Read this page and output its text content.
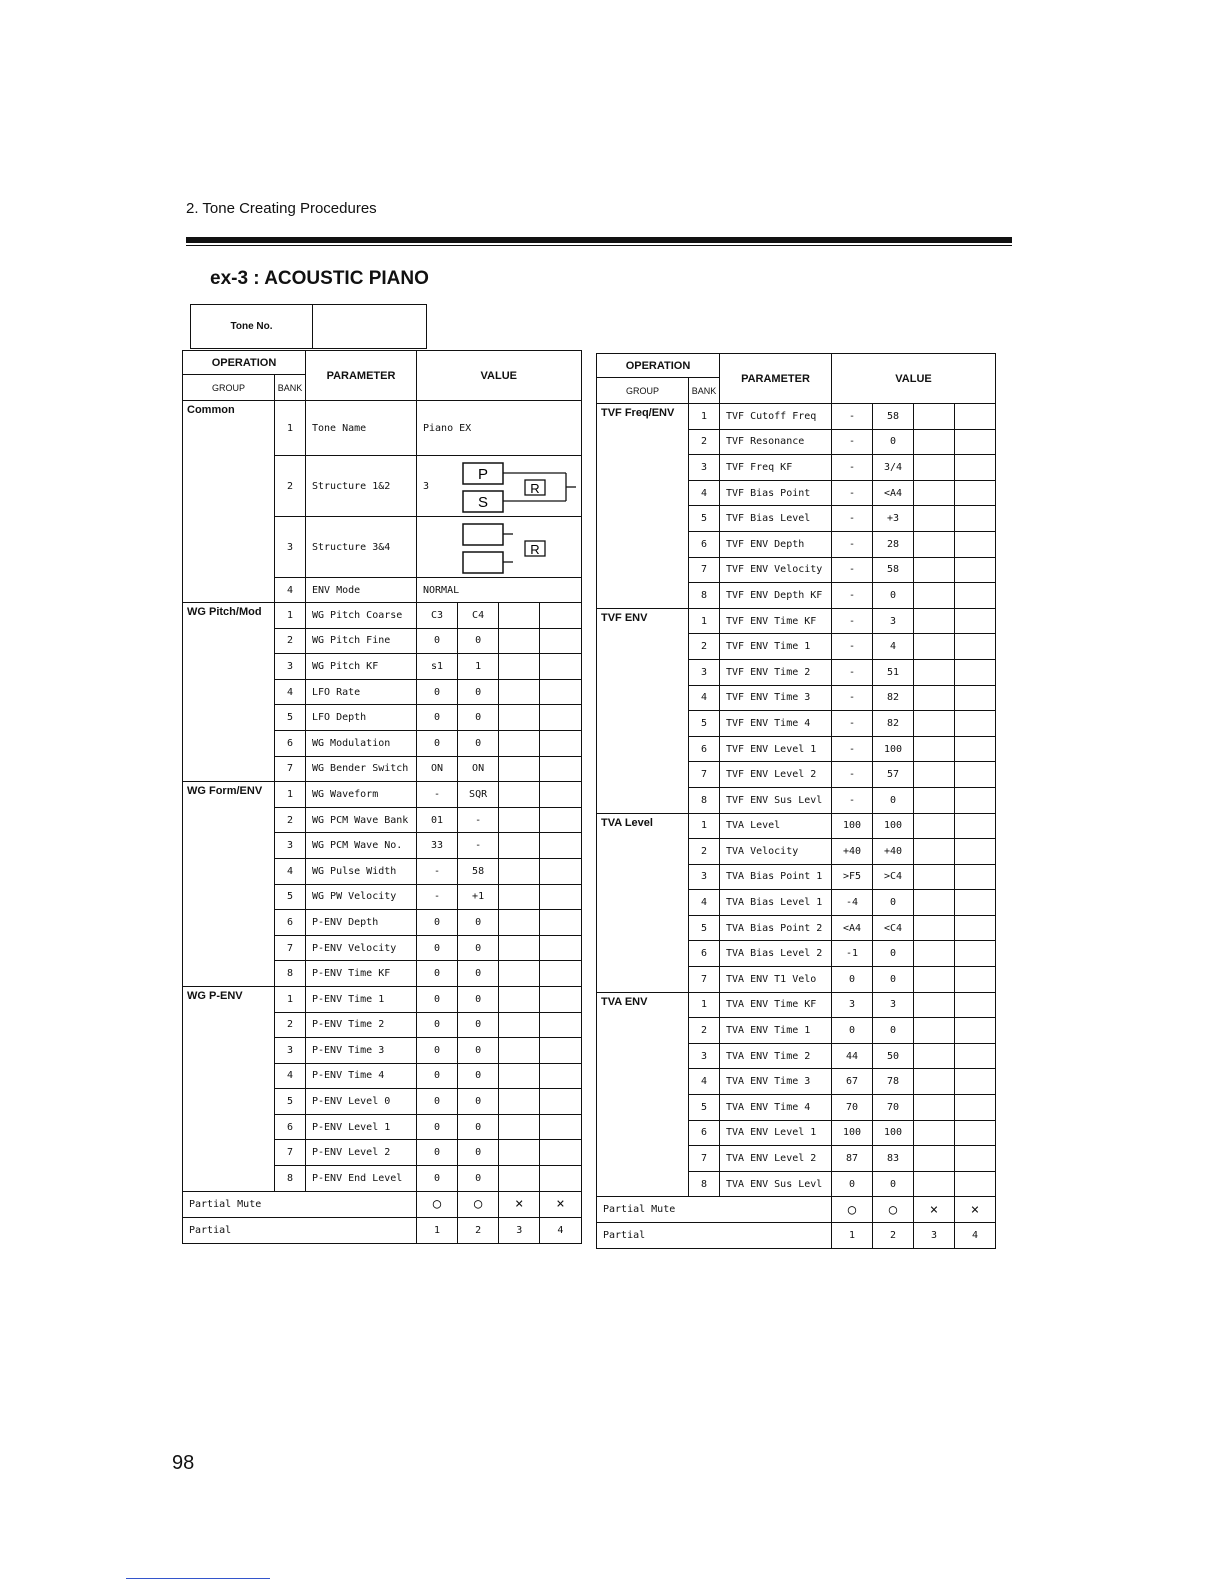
2. Tone Creating Procedures
ex-3 : ACOUSTIC PIANO
Tone No.	
OPERATION		PARAMETER	VALUE			
GROUP	BANK					
Common	1	Tone Name	Piano EX			
	2	Structure 1&2	3	P
S
R		

	3	Structure 3&4		R		

	4	ENV Mode	NORMAL			
WG Pitch/Mod	1	WG Pitch Coarse	C3	C4		
	2	WG Pitch Fine	0	0		
	3	WG Pitch KF	s1	1		
	4	LFO Rate	0	0		
	5	LFO Depth	0	0		
	6	WG Modulation	0	0		
	7	WG Bender Switch	ON	ON		
WG Form/ENV	1	WG Waveform	-	SQR		
	2	WG PCM Wave Bank	01	-		
	3	WG PCM Wave No.	33	-		
	4	WG Pulse Width	-	58		
	5	WG PW Velocity	-	+1		
	6	P-ENV Depth	0	0		
	7	P-ENV Velocity	0	0		
	8	P-ENV Time KF	0	0		
WG P-ENV	1	P-ENV Time 1	0	0		
	2	P-ENV Time 2	0	0		
	3	P-ENV Time 3	0	0		
	4	P-ENV Time 4	0	0		
	5	P-ENV Level 0	0	0		
	6	P-ENV Level 1	0	0		
	7	P-ENV Level 2	0	0		
	8	P-ENV End Level	0	0		
Partial Mute			○	○	×	×
Partial			1	2	3	4
OPERATION		PARAMETER	VALUE			
GROUP	BANK					
TVF Freq/ENV	1	TVF Cutoff Freq	-	58		
	2	TVF Resonance	-	0		
	3	TVF Freq KF	-	3/4		
	4	TVF Bias Point	-	<A4		
	5	TVF Bias Level	-	+3		
	6	TVF ENV Depth	-	28		
	7	TVF ENV Velocity	-	58		
	8	TVF ENV Depth KF	-	0		
TVF ENV	1	TVF ENV Time KF	-	3		
	2	TVF ENV Time 1	-	4		
	3	TVF ENV Time 2	-	51		
	4	TVF ENV Time 3	-	82		
	5	TVF ENV Time 4	-	82		
	6	TVF ENV Level 1	-	100		
	7	TVF ENV Level 2	-	57		
	8	TVF ENV Sus Levl	-	0		
TVA Level	1	TVA Level	100	100		
	2	TVA Velocity	+40	+40		
	3	TVA Bias Point 1	>F5	>C4		
	4	TVA Bias Level 1	-4	0		
	5	TVA Bias Point 2	<A4	<C4		
	6	TVA Bias Level 2	-1	0		
	7	TVA ENV T1 Velo	0	0		
TVA ENV	1	TVA ENV Time KF	3	3		
	2	TVA ENV Time 1	0	0		
	3	TVA ENV Time 2	44	50		
	4	TVA ENV Time 3	67	78		
	5	TVA ENV Time 4	70	70		
	6	TVA ENV Level 1	100	100		
	7	TVA ENV Level 2	87	83		
	8	TVA ENV Sus Levl	0	0		
Partial Mute			○	○	×	×
Partial			1	2	3	4
98
